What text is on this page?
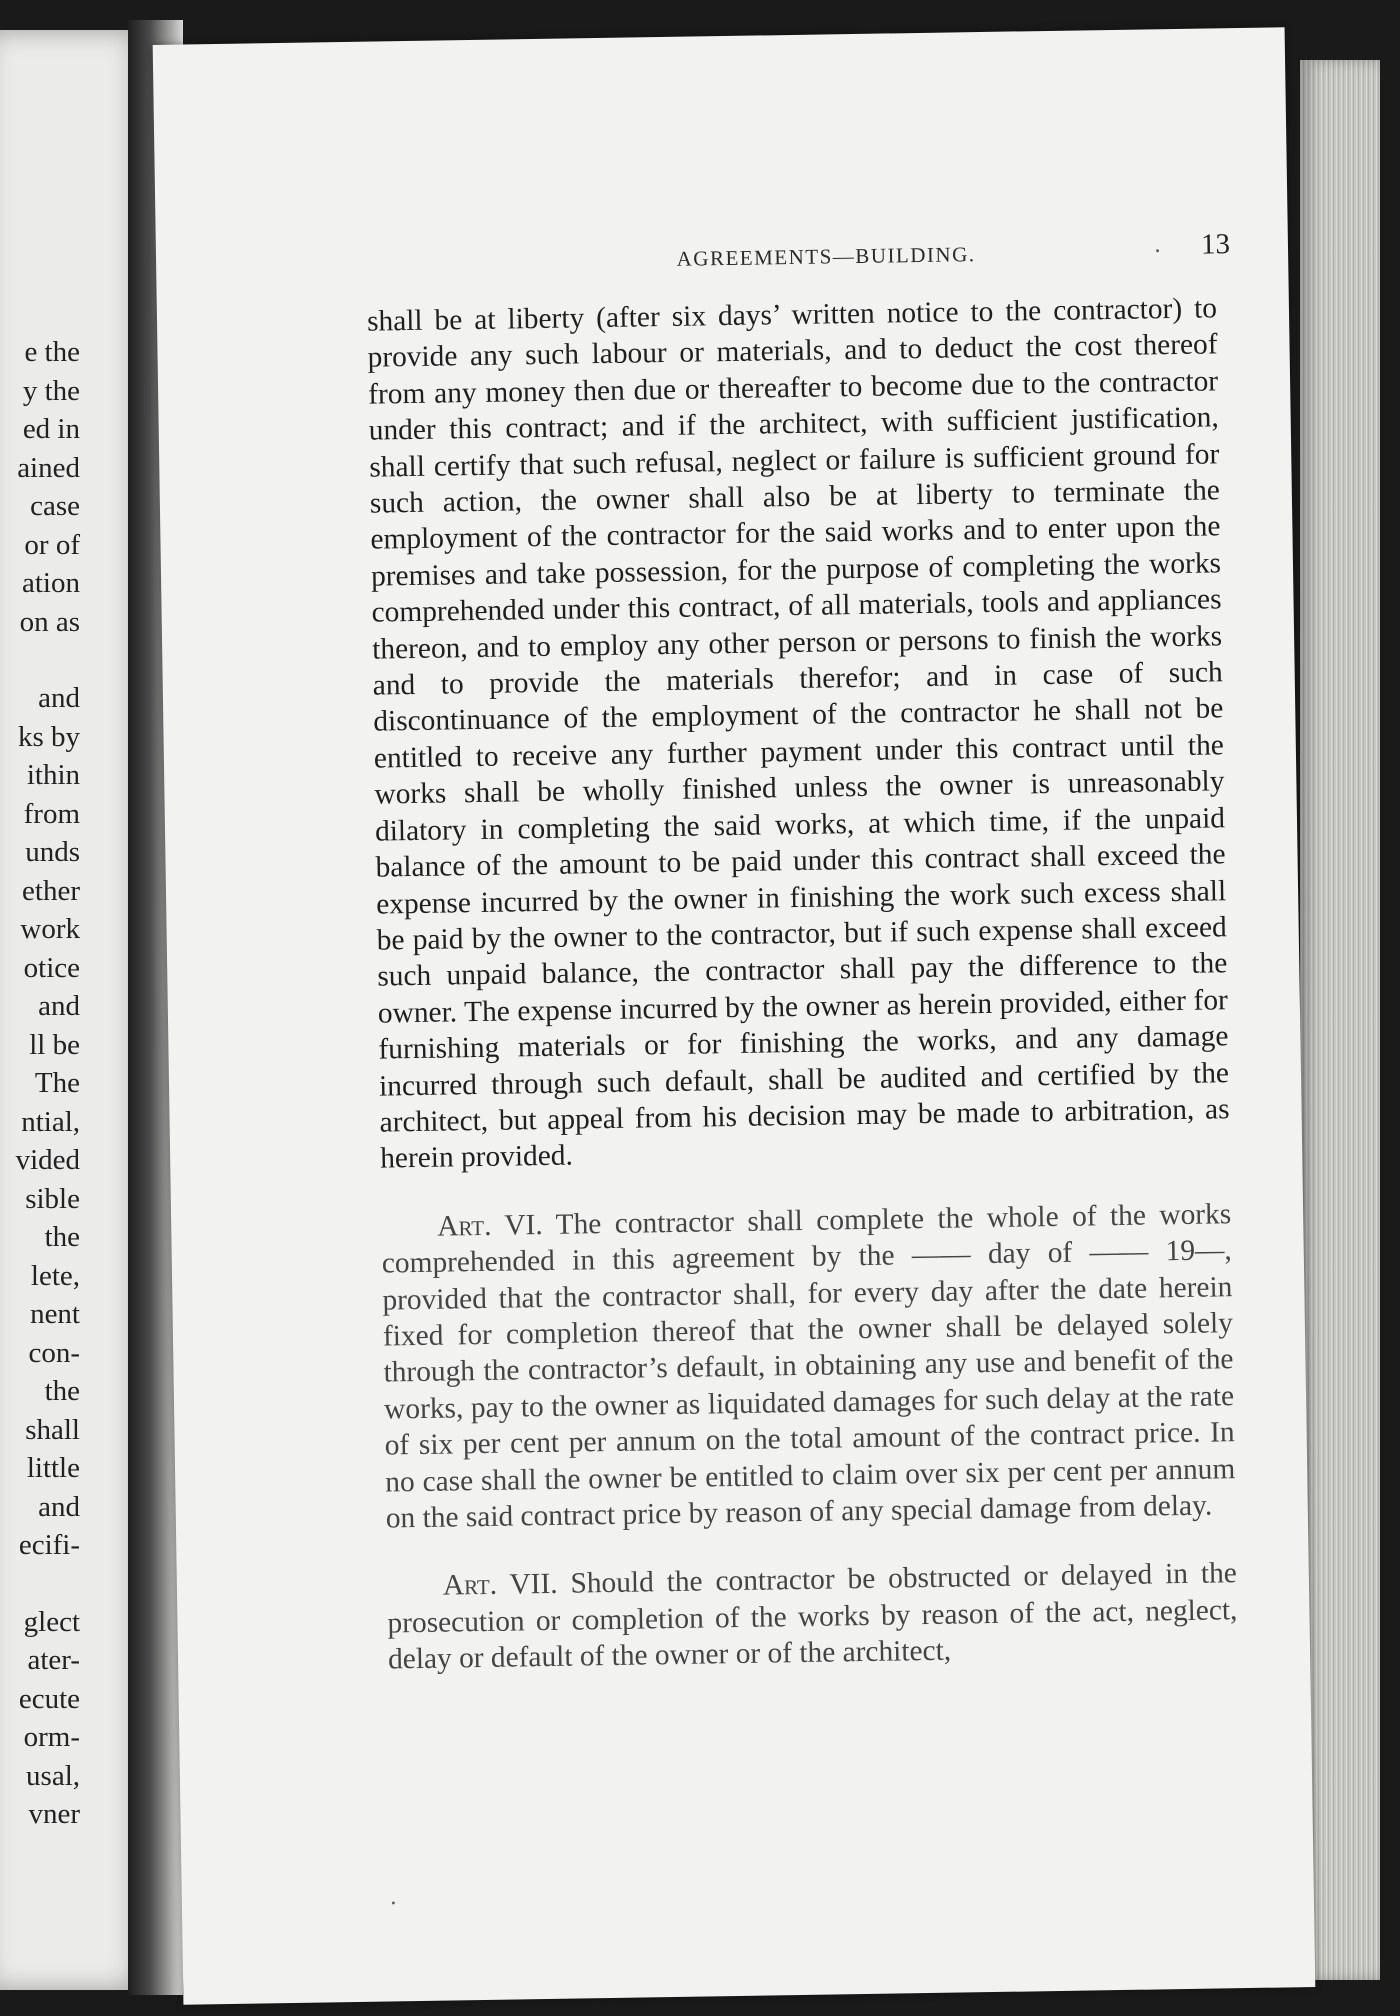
e the
y the
ed in
ained
case
or of
ation
on as
and
ks by
ithin
from
unds
ether
work
otice
and
ll be
The
ntial,
vided
sible
the
lete,
nent
con-
the
shall
little
and
ecifi-
glect
ater-
ecute
orm-
usal,
vner
AGREEMENTS—BUILDING.	13

shall be at liberty (after six days’ written notice to the contractor) to provide any such labour or materials, and to deduct the cost thereof from any money then due or thereafter to become due to the contractor under this contract; and if the architect, with sufficient justification, shall certify that such refusal, neglect or failure is sufficient ground for such action, the owner shall also be at liberty to terminate the employment of the contractor for the said works and to enter upon the premises and take possession, for the purpose of completing the works comprehended under this contract, of all materials, tools and appliances thereon, and to employ any other person or persons to finish the works and to provide the materials therefor; and in case of such discontinuance of the employment of the contractor he shall not be entitled to receive any further payment under this contract until the works shall be wholly finished unless the owner is unreasonably dilatory in completing the said works, at which time, if the unpaid balance of the amount to be paid under this contract shall exceed the expense incurred by the owner in finishing the work such excess shall be paid by the owner to the contractor, but if such expense shall exceed such unpaid balance, the contractor shall pay the difference to the owner. The expense incurred by the owner as herein provided, either for furnishing materials or for finishing the works, and any damage incurred through such default, shall be audited and certified by the architect, but appeal from his decision may be made to arbitration, as herein provided.

Art. VI. The contractor shall complete the whole of the works comprehended in this agreement by the —— day of —— 19—, provided that the contractor shall, for every day after the date herein fixed for completion thereof that the owner shall be delayed solely through the contractor’s default, in obtaining any use and benefit of the works, pay to the owner as liquidated damages for such delay at the rate of six per cent per annum on the total amount of the contract price. In no case shall the owner be entitled to claim over six per cent per annum on the said contract price by reason of any special damage from delay.

Art. VII. Should the contractor be obstructed or delayed in the prosecution or completion of the works by reason of the act, neglect, delay or default of the owner or of the architect,
